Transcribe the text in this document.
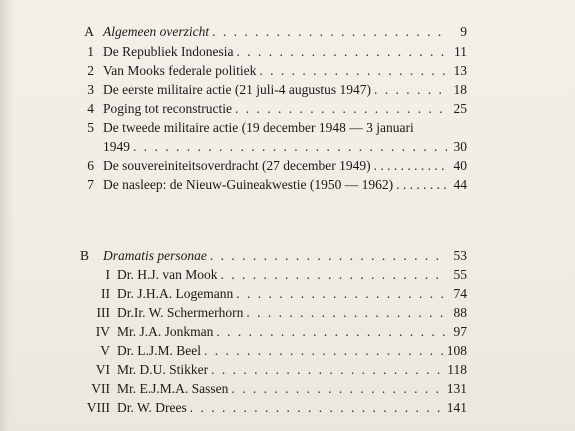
A Algemeen overzicht . . .	9
1 De Republiek Indonesia . . .	11
2 Van Mooks federale politiek . . .	13
3 De eerste militaire actie (21 juli-4 augustus 1947) . . .	18
4 Poging tot reconstructie . . .	25
5 De tweede militaire actie (19 december 1948 — 3 januari
1949 . . .	30
6 De souvereiniteitsoverdracht (27 december 1949) . . .	40
7 De nasleep: de Nieuw-Guineakwestie (1950 — 1962) . . .	44
B Dramatis personae . . .	53
I Dr. H.J. van Mook . . .	55
II Dr. J.H.A. Logemann . . .	74
III Dr.Ir. W. Schermerhorn . . .	88
IV Mr. J.A. Jonkman . . .	97
V Dr. L.J.M. Beel . . .	108
VI Mr. D.U. Stikker . . .	118
VII Mr. E.J.M.A. Sassen . . .	131
VIII Dr. W. Drees . . .	141
